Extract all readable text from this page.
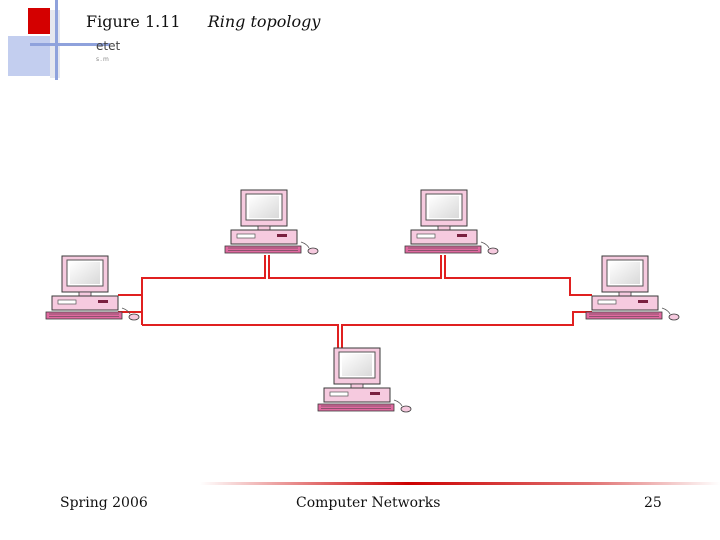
Figure 1.11 Ring topology
etet
s.m
Spring 2006	Computer Networks	25
